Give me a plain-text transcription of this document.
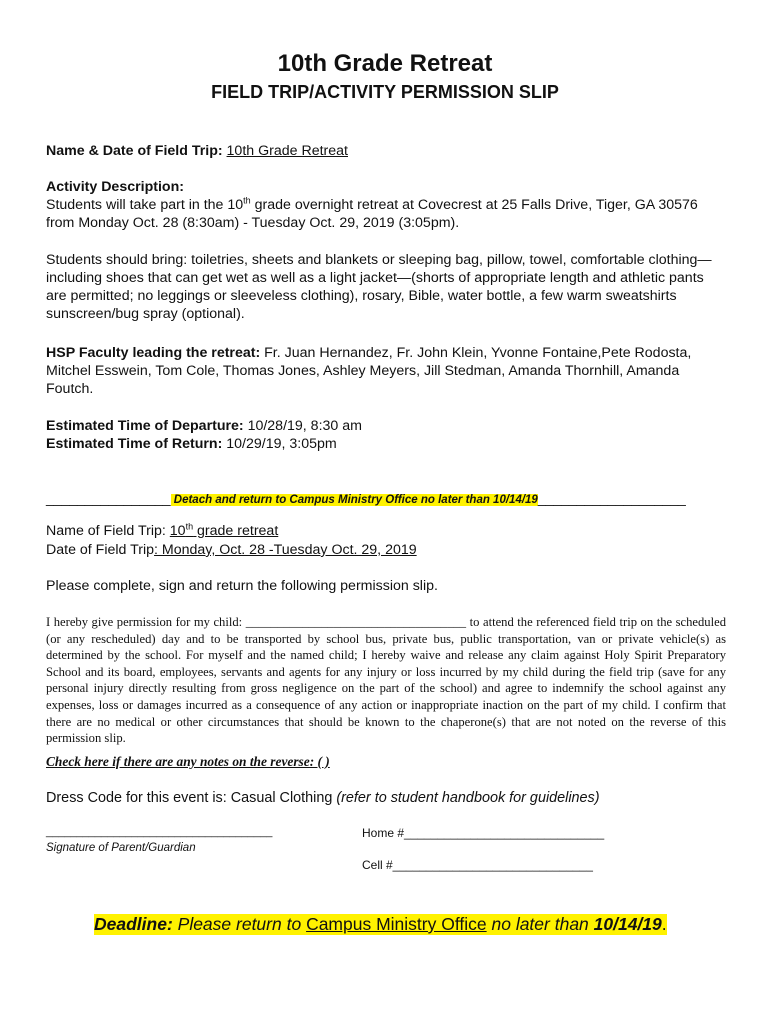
10th Grade Retreat
FIELD TRIP/ACTIVITY PERMISSION SLIP

Name & Date of Field Trip: 10th Grade Retreat

Activity Description:

Students will take part in the 10th grade overnight retreat at Covecrest at 25 Falls Drive, Tiger, GA 30576 from Monday Oct. 28 (8:30am) - Tuesday Oct. 29, 2019 (3:05pm).

Students should bring: toiletries, sheets and blankets or sleeping bag, pillow, towel, comfortable clothing—including shoes that can get wet as well as a light jacket—(shorts of appropriate length and athletic pants are permitted; no leggings or sleeveless clothing), rosary, Bible, water bottle, a few warm sweatshirts sunscreen/bug spray (optional).

HSP Faculty leading the retreat: Fr. Juan Hernandez, Fr. John Klein, Yvonne Fontaine,Pete Rodosta, Mitchel Esswein, Tom Cole, Thomas Jones, Ashley Meyers, Jill Stedman, Amanda Thornhill, Amanda Foutch.

Estimated Time of Departure: 10/28/19, 8:30 am

Estimated Time of Return: 10/29/19, 3:05pm

________________ Detach and return to Campus Ministry Office no later than 10/14/19___________________

Name of Field Trip: 10th grade retreat

Date of Field Trip: Monday, Oct. 28 -Tuesday Oct. 29, 2019

Please complete, sign and return the following permission slip.

I hereby give permission for my child: ___________________________________ to attend the referenced field trip on the scheduled (or any rescheduled) day and to be transported by school bus, private bus, public transportation, van or private vehicle(s) as determined by the school. For myself and the named child; I hereby waive and release any claim against Holy Spirit Preparatory School and its board, employees, servants and agents for any injury or loss incurred by my child during the field trip (save for any personal injury directly resulting from gross negligence on the part of the school) and agree to indemnify the school against any expenses, loss or damages incurred as a consequence of any action or inappropriate inaction on the part of my child. I confirm that there are no medical or other circumstances that should be known to the chaperone(s) that are not noted on the reverse of this permission slip.

Check here if there are any notes on the reverse: ( )
Dress Code for this event is: Casual Clothing (refer to student handbook for guidelines)
_____________________________________
Signature of Parent/Guardian
Home #______________________________
Cell #______________________________
Deadline: Please return to Campus Ministry Office no later than 10/14/19.
